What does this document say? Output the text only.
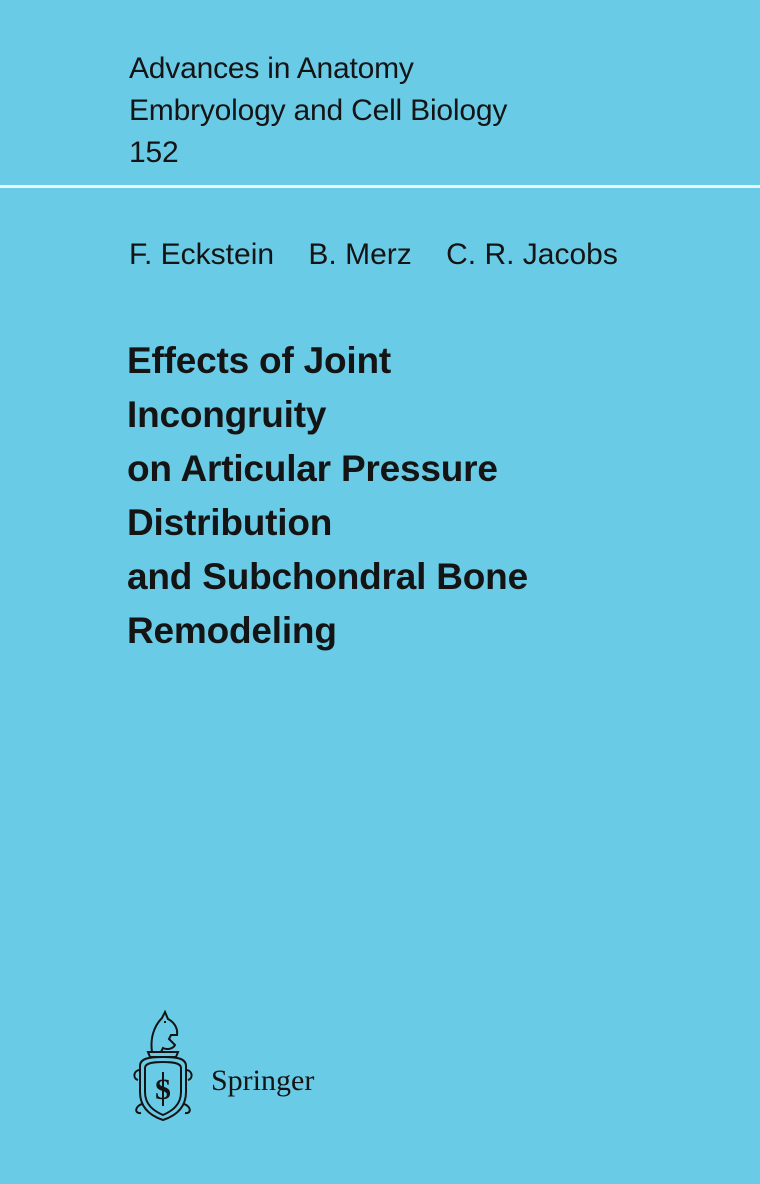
Advances in Anatomy
Embryology and Cell Biology
152
F. Eckstein B. Merz C. R. Jacobs
Effects of Joint
Incongruity
on Articular Pressure
Distribution
and Subchondral Bone
Remodeling
S Springer
